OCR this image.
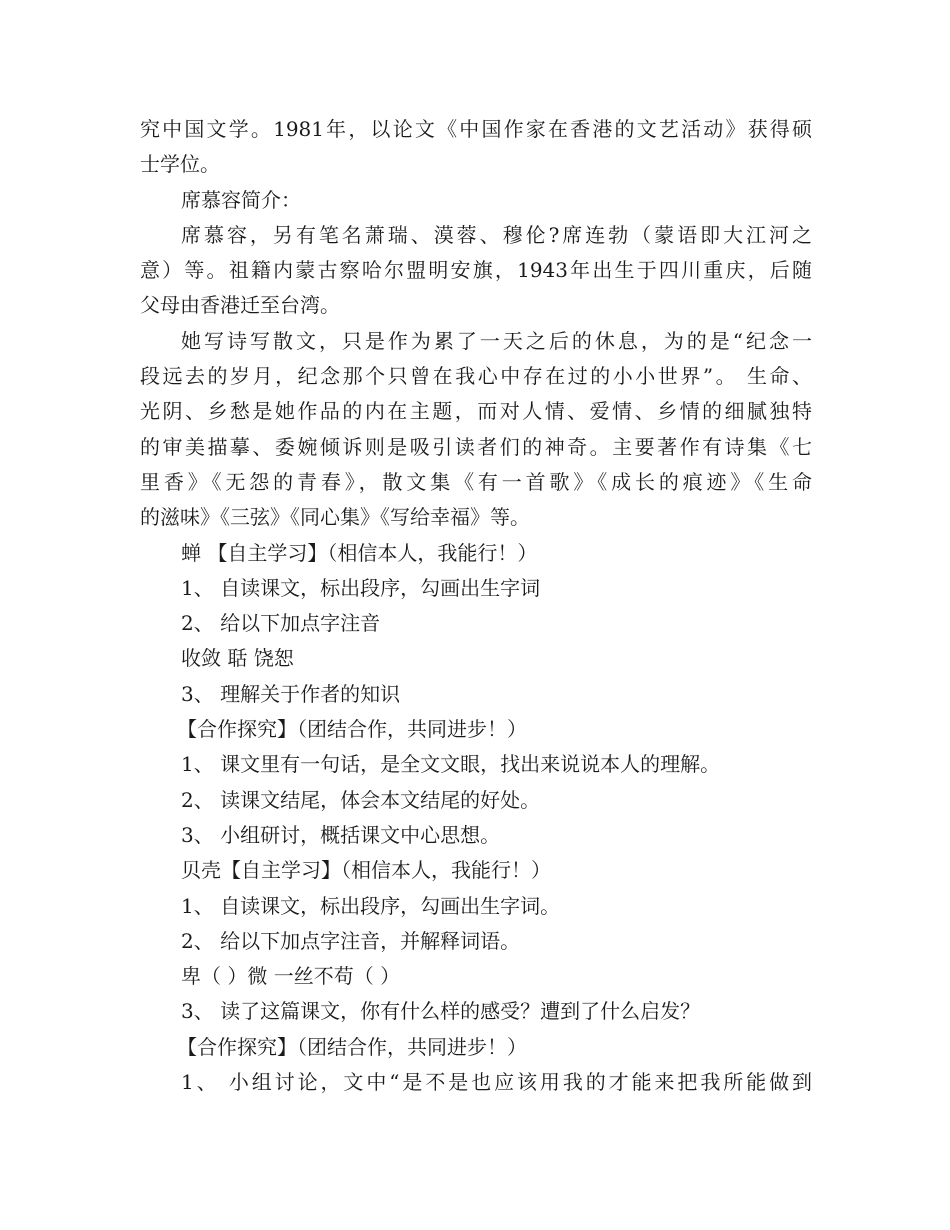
究中国文学。1981年，以论文《中国作家在香港的文艺活动》获得硕
士学位。
席慕容简介：
席慕容，另有笔名萧瑞、漠蓉、穆伦?席连勃（蒙语即大江河之
意）等。祖籍内蒙古察哈尔盟明安旗，1943年出生于四川重庆，后随
父母由香港迁至台湾。
她写诗写散文，只是作为累了一天之后的休息，为的是“纪念一
段远去的岁月，纪念那个只曾在我心中存在过的小小世界”。 生命、
光阴、乡愁是她作品的内在主题，而对人情、爱情、乡情的细腻独特
的审美描摹、委婉倾诉则是吸引读者们的神奇。主要著作有诗集《七
里香》《无怨的青春》，散文集《有一首歌》《成长的痕迹》《生命
的滋味》《三弦》《同心集》《写给幸福》等。
蝉 【自主学习】（相信本人，我能行！）
1、 自读课文，标出段序，勾画出生字词
2、 给以下加点字注音
收敛 聒 饶恕
3、 理解关于作者的知识
【合作探究】（团结合作，共同进步！）
1、 课文里有一句话，是全文文眼，找出来说说本人的理解。
2、 读课文结尾，体会本文结尾的好处。
3、 小组研讨，概括课文中心思想。
贝壳【自主学习】（相信本人，我能行！）
1、 自读课文，标出段序，勾画出生字词。
2、 给以下加点字注音，并解释词语。
卑（ ）微 一丝不苟（ ）
3、 读了这篇课文，你有什么样的感受？遭到了什么启发？
【合作探究】（团结合作，共同进步！）
1、 小组讨论，文中“是不是也应该用我的才能来把我所能做到
